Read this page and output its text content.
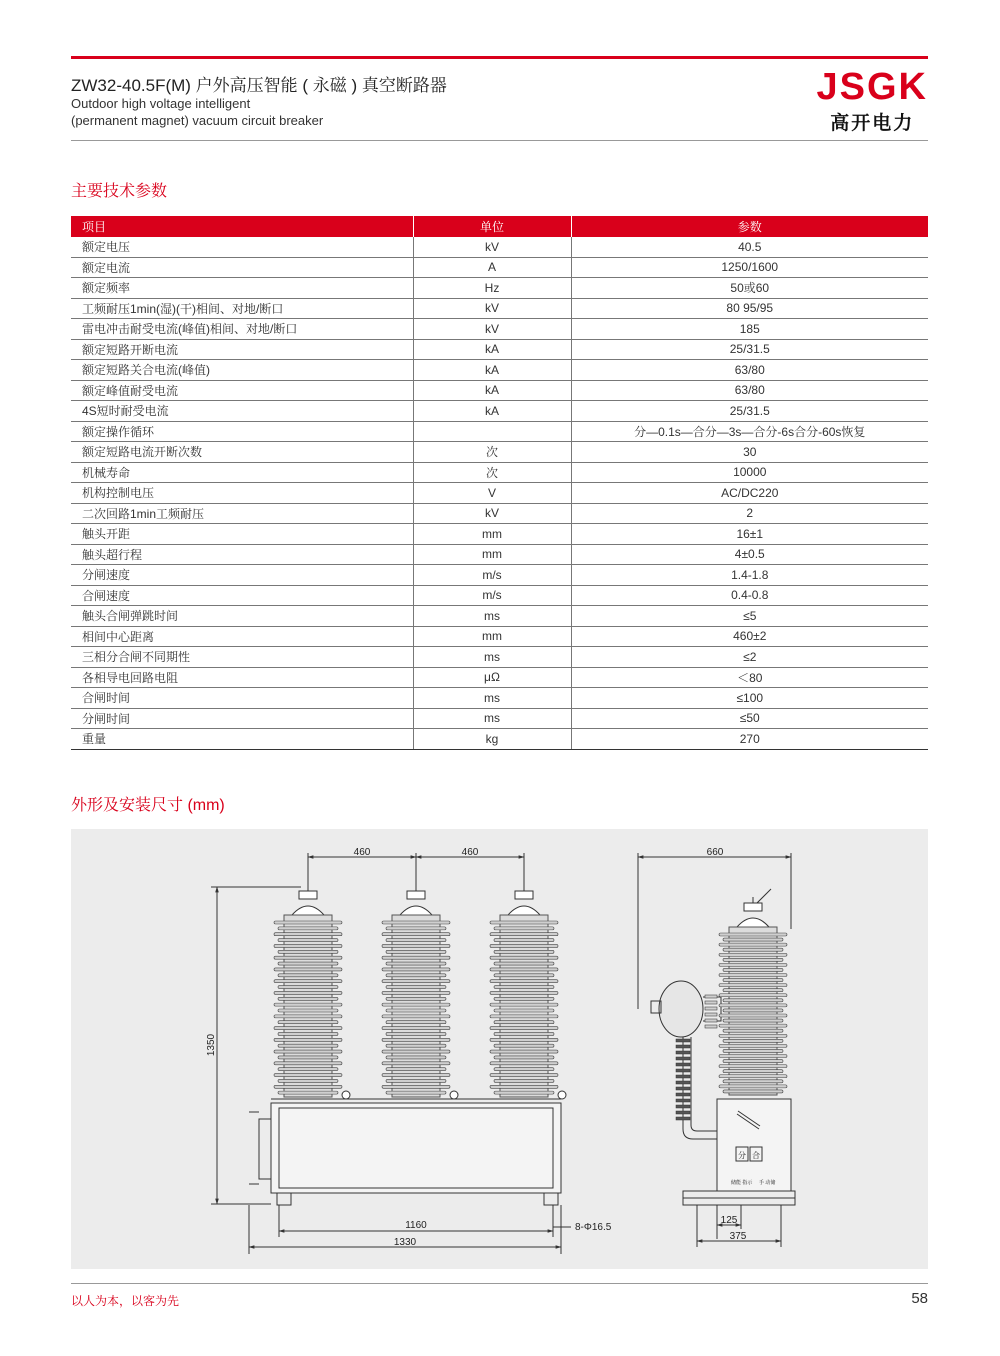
ZW32-40.5F(M) 户外高压智能 ( 永磁 ) 真空断路器
Outdoor high voltage intelligent
(permanent magnet) vacuum circuit breaker
JSGK
高开电力
主要技术参数
项目	单位	参数
额定电压	kV	40.5
额定电流	A	1250/1600
额定频率	Hz	50或60
工频耐压1min(湿)(干)相间、对地/断口	kV	80 95/95
雷电冲击耐受电流(峰值)相间、对地/断口	kV	185
额定短路开断电流	kA	25/31.5
额定短路关合电流(峰值)	kA	63/80
额定峰值耐受电流	kA	63/80
4S短时耐受电流	kA	25/31.5
额定操作循环		分—0.1s—合分—3s—合分-6s合分-60s恢复
额定短路电流开断次数	次	30
机械寿命	次	10000
机构控制电压	V	AC/DC220
二次回路1min工频耐压	kV	2
触头开距	mm	16±1
触头超行程	mm	4±0.5
分闸速度	m/s	1.4-1.8
合闸速度	m/s	0.4-0.8
触头合闸弹跳时间	ms	≤5
相间中心距离	mm	460±2
三相分合闸不同期性	ms	≤2
各相导电回路电阻	μΩ	＜80
合闸时间	ms	≤100
分闸时间	ms	≤50
重量	kg	270
外形及安装尺寸 (mm)
460	460
1350
1160
1330
8-Φ16.5
660
125
375
分 合
储能 指示 手 动储
以人为本，以客为先	58
